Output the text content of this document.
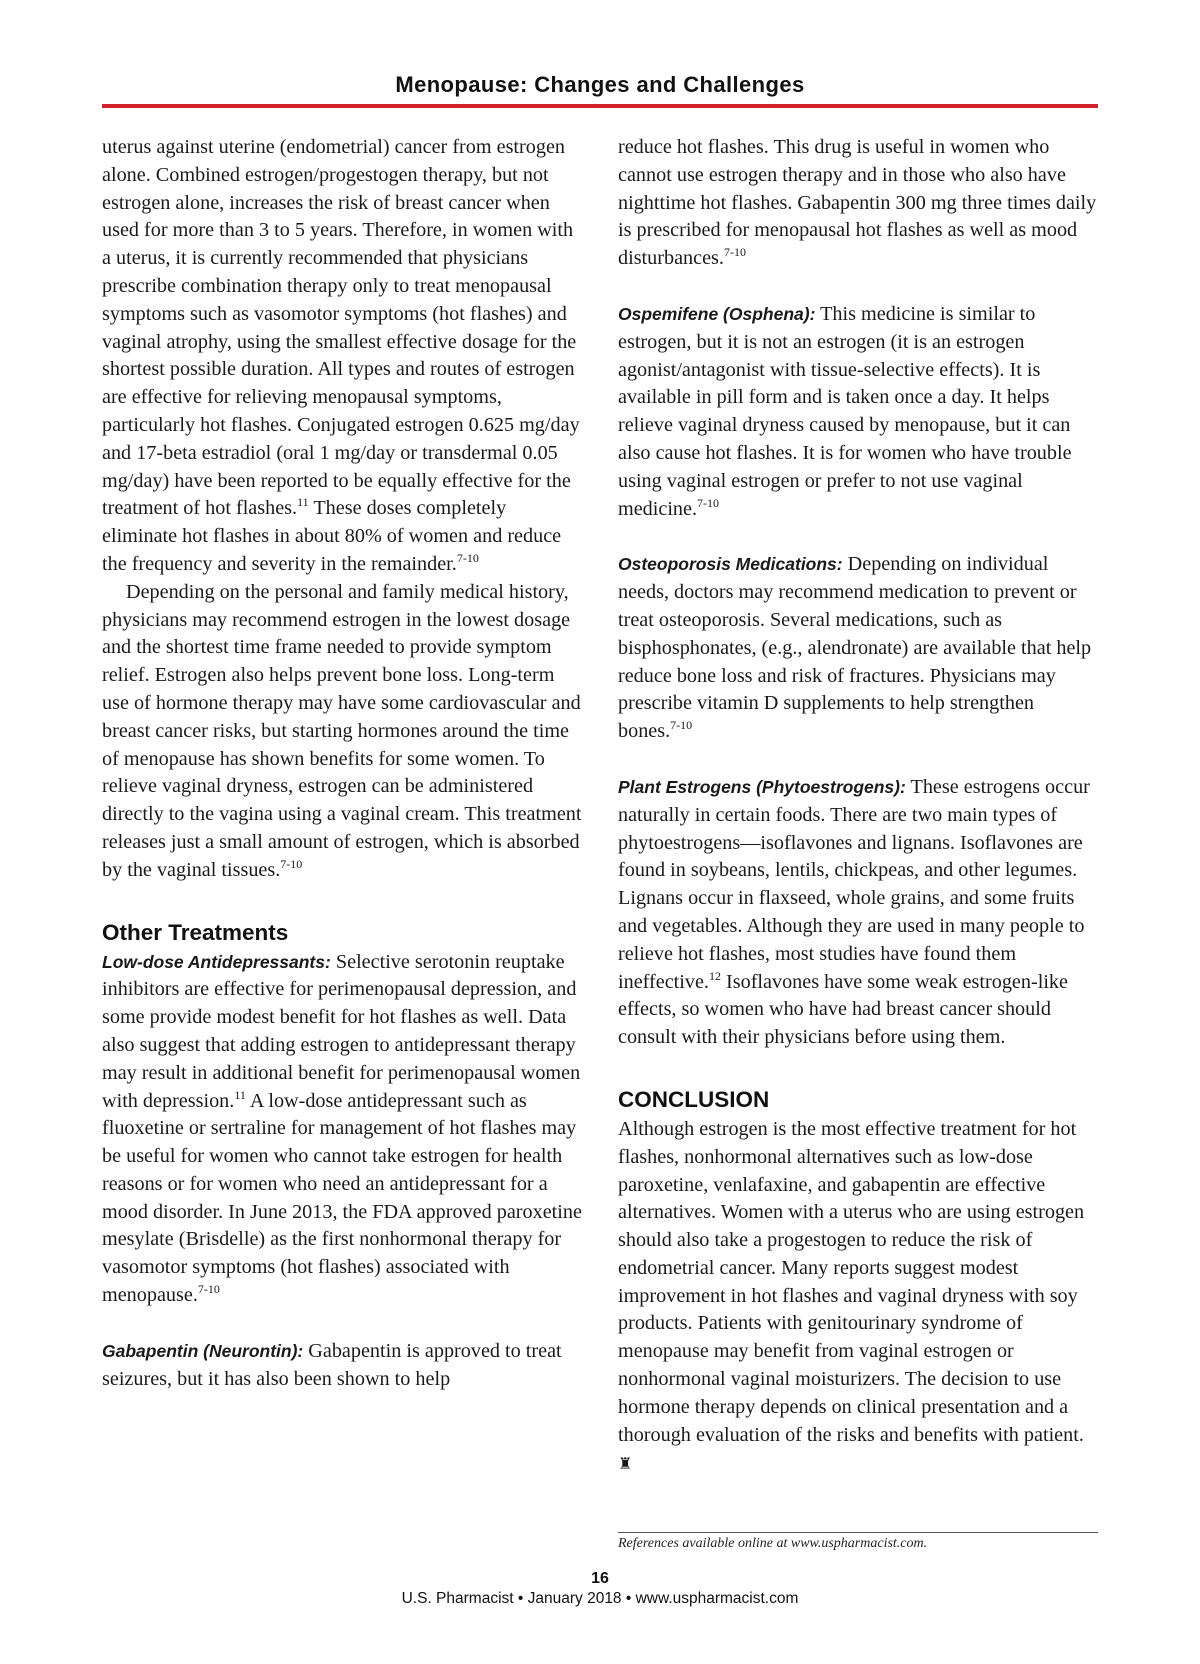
Menopause: Changes and Challenges

uterus against uterine (endometrial) cancer from estrogen alone. Combined estrogen/progestogen therapy, but not estrogen alone, increases the risk of breast cancer when used for more than 3 to 5 years. Therefore, in women with a uterus, it is currently recommended that physicians prescribe combination therapy only to treat menopausal symptoms such as vasomotor symptoms (hot flashes) and vaginal atrophy, using the smallest effective dosage for the shortest possible duration. All types and routes of estrogen are effective for relieving menopausal symptoms, particularly hot flashes. Conjugated estrogen 0.625 mg/day and 17-beta estradiol (oral 1 mg/day or transdermal 0.05 mg/day) have been reported to be equally effective for the treatment of hot flashes.$^{11}$ These doses completely eliminate hot flashes in about 80% of women and reduce the frequency and severity in the remainder.$^{7-10}$

Depending on the personal and family medical history, physicians may recommend estrogen in the lowest dosage and the shortest time frame needed to provide symptom relief. Estrogen also helps prevent bone loss. Long-term use of hormone therapy may have some cardiovascular and breast cancer risks, but starting hormones around the time of menopause has shown benefits for some women. To relieve vaginal dryness, estrogen can be administered directly to the vagina using a vaginal cream. This treatment releases just a small amount of estrogen, which is absorbed by the vaginal tissues.$^{7-10}$

Other Treatments

Low-dose Antidepressants: Selective serotonin reuptake inhibitors are effective for perimenopausal depression, and some provide modest benefit for hot flashes as well. Data also suggest that adding estrogen to antidepressant therapy may result in additional benefit for perimenopausal women with depression.$^{11}$ A low-dose antidepressant such as fluoxetine or sertraline for management of hot flashes may be useful for women who cannot take estrogen for health reasons or for women who need an antidepressant for a mood disorder. In June 2013, the FDA approved paroxetine mesylate (Brisdelle) as the first nonhormonal therapy for vasomotor symptoms (hot flashes) associated with menopause.$^{7-10}$

Gabapentin (Neurontin): Gabapentin is approved to treat seizures, but it has also been shown to help

reduce hot flashes. This drug is useful in women who cannot use estrogen therapy and in those who also have nighttime hot flashes. Gabapentin 300 mg three times daily is prescribed for menopausal hot flashes as well as mood disturbances.$^{7-10}$

Ospemifene (Osphena): This medicine is similar to estrogen, but it is not an estrogen (it is an estrogen agonist/antagonist with tissue-selective effects). It is available in pill form and is taken once a day. It helps relieve vaginal dryness caused by menopause, but it can also cause hot flashes. It is for women who have trouble using vaginal estrogen or prefer to not use vaginal medicine.$^{7-10}$

Osteoporosis Medications: Depending on individual needs, doctors may recommend medication to prevent or treat osteoporosis. Several medications, such as bisphosphonates, (e.g., alendronate) are available that help reduce bone loss and risk of fractures. Physicians may prescribe vitamin D supplements to help strengthen bones.$^{7-10}$

Plant Estrogens (Phytoestrogens): These estrogens occur naturally in certain foods. There are two main types of phytoestrogens—isoflavones and lignans. Isoflavones are found in soybeans, lentils, chickpeas, and other legumes. Lignans occur in flaxseed, whole grains, and some fruits and vegetables. Although they are used in many people to relieve hot flashes, most studies have found them ineffective.$^{12}$ Isoflavones have some weak estrogen-like effects, so women who have had breast cancer should consult with their physicians before using them.

CONCLUSION

Although estrogen is the most effective treatment for hot flashes, nonhormonal alternatives such as low-dose paroxetine, venlafaxine, and gabapentin are effective alternatives. Women with a uterus who are using estrogen should also take a progestogen to reduce the risk of endometrial cancer. Many reports suggest modest improvement in hot flashes and vaginal dryness with soy products. Patients with genitourinary syndrome of menopause may benefit from vaginal estrogen or nonhormonal vaginal moisturizers. The decision to use hormone therapy depends on clinical presentation and a thorough evaluation of the risks and benefits with patient. ♜

References available online at www.uspharmacist.com.
16
U.S. Pharmacist • January 2018 • www.uspharmacist.com
